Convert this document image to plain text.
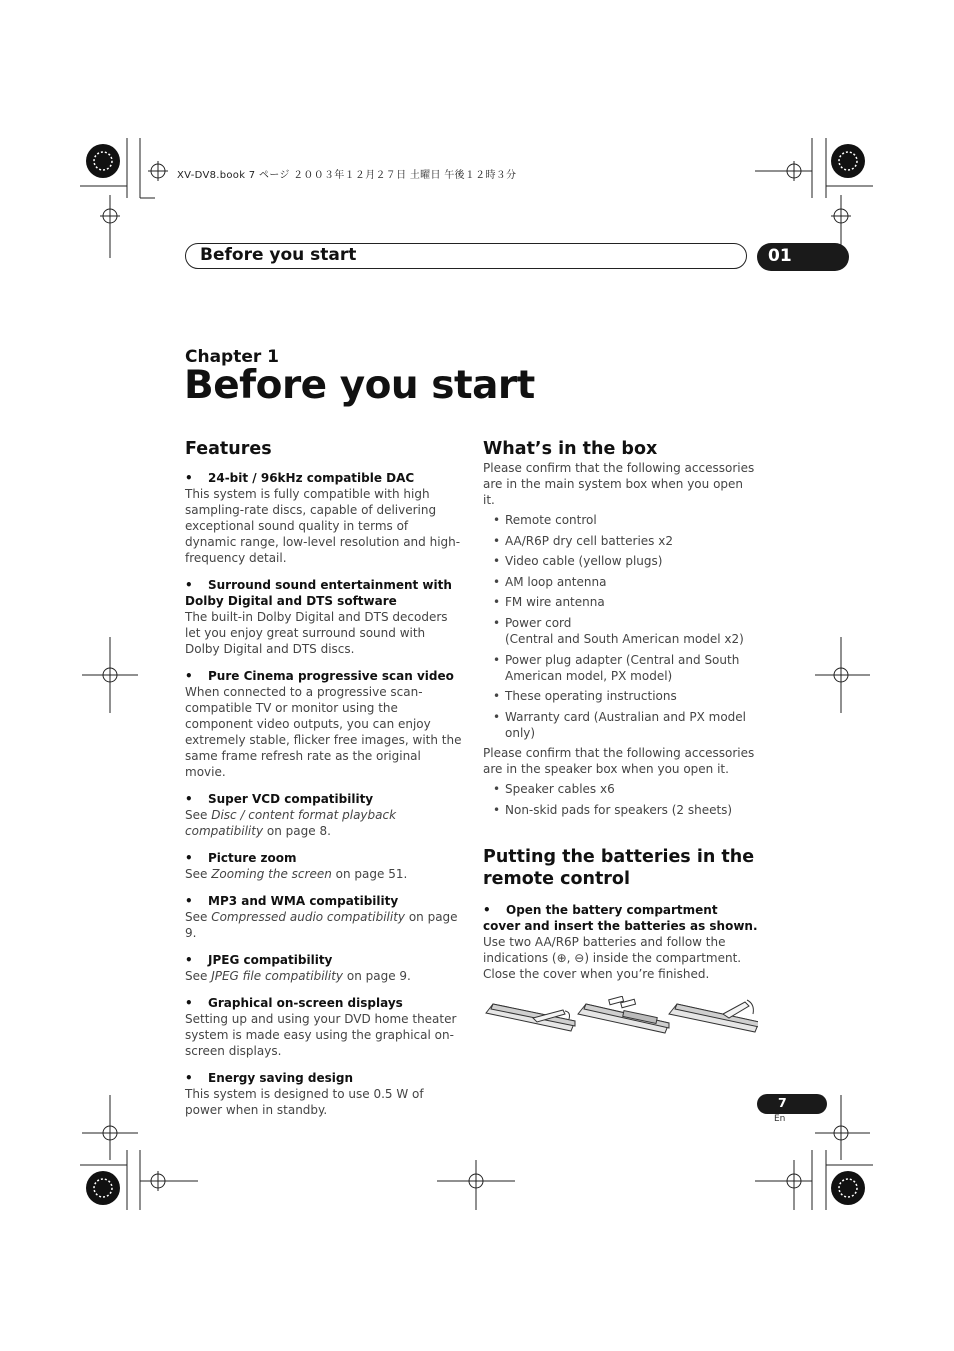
XV-DV8.book 7 ページ ２００３年１２月２７日 土曜日 午後１２時３分
Before you start	01
Chapter 1
Before you start
Features
• 24-bit / 96kHz compatible DAC
This system is fully compatible with high sampling-rate discs, capable of delivering exceptional sound quality in terms of dynamic range, low-level resolution and high-frequency detail.
• Surround sound entertainment with Dolby Digital and DTS software
The built-in Dolby Digital and DTS decoders let you enjoy great surround sound with Dolby Digital and DTS discs.
• Pure Cinema progressive scan video
When connected to a progressive scan-compatible TV or monitor using the component video outputs, you can enjoy extremely stable, flicker free images, with the same frame refresh rate as the original movie.
• Super VCD compatibility
See Disc / content format playback compatibility on page 8.
• Picture zoom
See Zooming the screen on page 51.
• MP3 and WMA compatibility
See Compressed audio compatibility on page 9.
• JPEG compatibility
See JPEG file compatibility on page 9.
• Graphical on-screen displays
Setting up and using your DVD home theater system is made easy using the graphical on-screen displays.
• Energy saving design
This system is designed to use 0.5 W of power when in standby.
What’s in the box
Please confirm that the following accessories are in the main system box when you open it.
• Remote control
• AA/R6P dry cell batteries x2
• Video cable (yellow plugs)
• AM loop antenna
• FM wire antenna
• Power cord
(Central and South American model x2)
• Power plug adapter (Central and South American model, PX model)
• These operating instructions
• Warranty card (Australian and PX model only)
Please confirm that the following accessories are in the speaker box when you open it.
• Speaker cables x6
• Non-skid pads for speakers (2 sheets)
Putting the batteries in the remote control
• Open the battery compartment cover and insert the batteries as shown.
Use two AA/R6P batteries and follow the indications (⊕, ⊖) inside the compartment. Close the cover when you’re finished.
7
En
